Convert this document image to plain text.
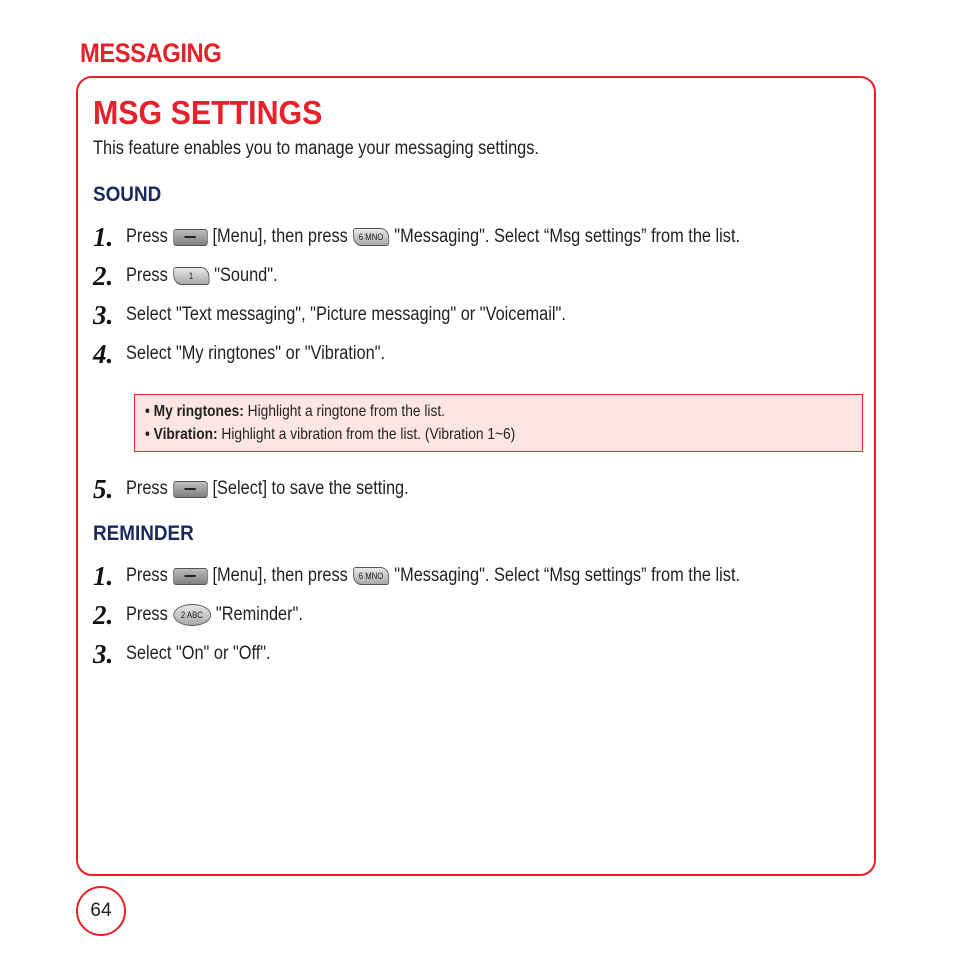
MESSAGING
MSG SETTINGS
This feature enables you to manage your messaging settings.
SOUND
1. Press [Menu], then press	6 MNO "Messaging". Select “Msg settings” from the list.
2. Press	1	"Sound".
3. Select "Text messaging", "Picture messaging" or "Voicemail".
4. Select "My ringtones" or "Vibration".
• My ringtones: Highlight a ringtone from the list.
• Vibration: Highlight a vibration from the list. (Vibration 1~6)
5. Press [Select] to save the setting.
REMINDER
1. Press [Menu], then press	6 MNO "Messaging". Select “Msg settings” from the list.
2. Press	2 ABC "Reminder".
3. Select "On" or "Off".
64
